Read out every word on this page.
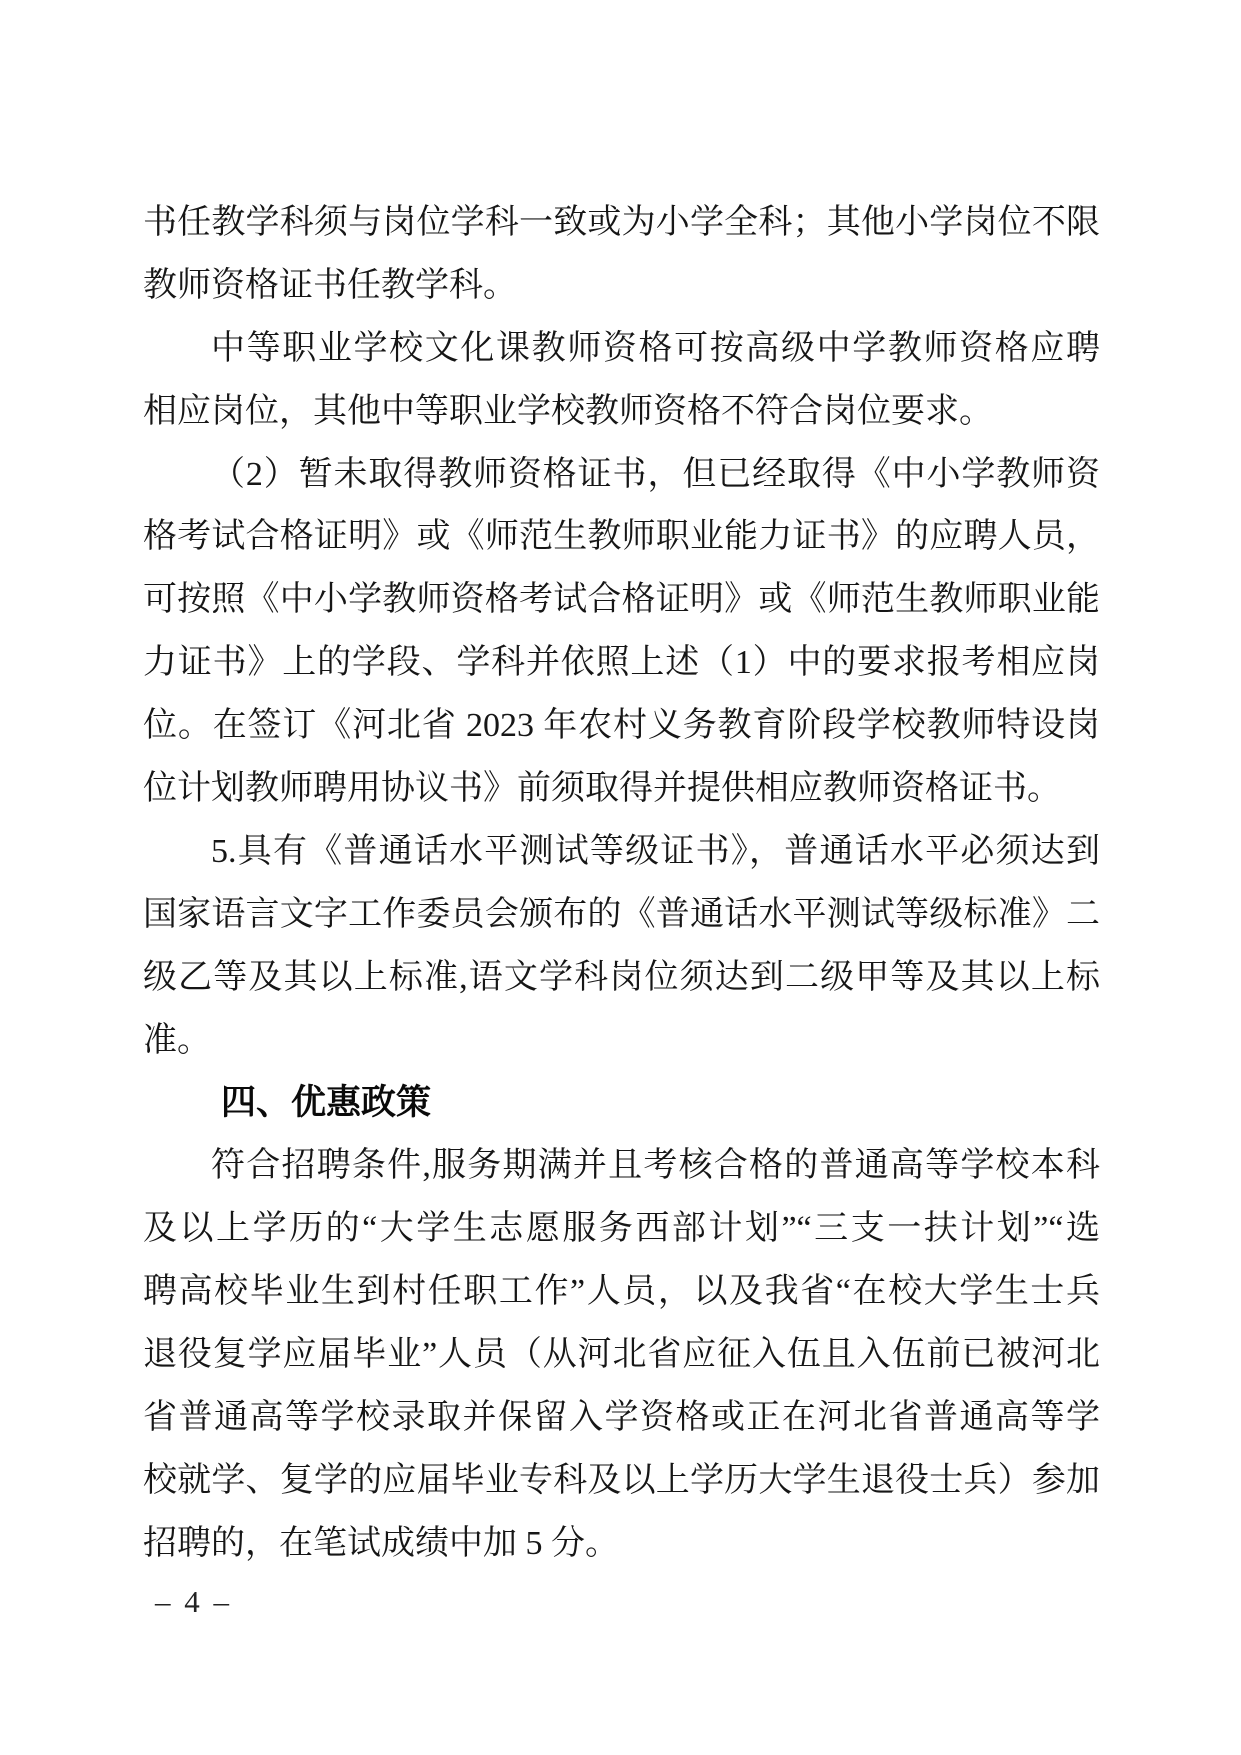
书任教学科须与岗位学科一致或为小学全科；其他小学岗位不限
教师资格证书任教学科。
中等职业学校文化课教师资格可按高级中学教师资格应聘
相应岗位，其他中等职业学校教师资格不符合岗位要求。
（2）暂未取得教师资格证书，但已经取得《中小学教师资
格考试合格证明》或《师范生教师职业能力证书》的应聘人员，
可按照《中小学教师资格考试合格证明》或《师范生教师职业能
力证书》上的学段、学科并依照上述（1）中的要求报考相应岗
位。在签订《河北省 2023 年农村义务教育阶段学校教师特设岗
位计划教师聘用协议书》前须取得并提供相应教师资格证书。
5.具有《普通话水平测试等级证书》，普通话水平必须达到
国家语言文字工作委员会颁布的《普通话水平测试等级标准》二
级乙等及其以上标准,语文学科岗位须达到二级甲等及其以上标
准。
四、优惠政策
符合招聘条件,服务期满并且考核合格的普通高等学校本科
及以上学历的“大学生志愿服务西部计划”“三支一扶计划”“选
聘高校毕业生到村任职工作”人员，以及我省“在校大学生士兵
退役复学应届毕业”人员（从河北省应征入伍且入伍前已被河北
省普通高等学校录取并保留入学资格或正在河北省普通高等学
校就学、复学的应届毕业专科及以上学历大学生退役士兵）参加
招聘的，在笔试成绩中加 5 分。
– 4 –
